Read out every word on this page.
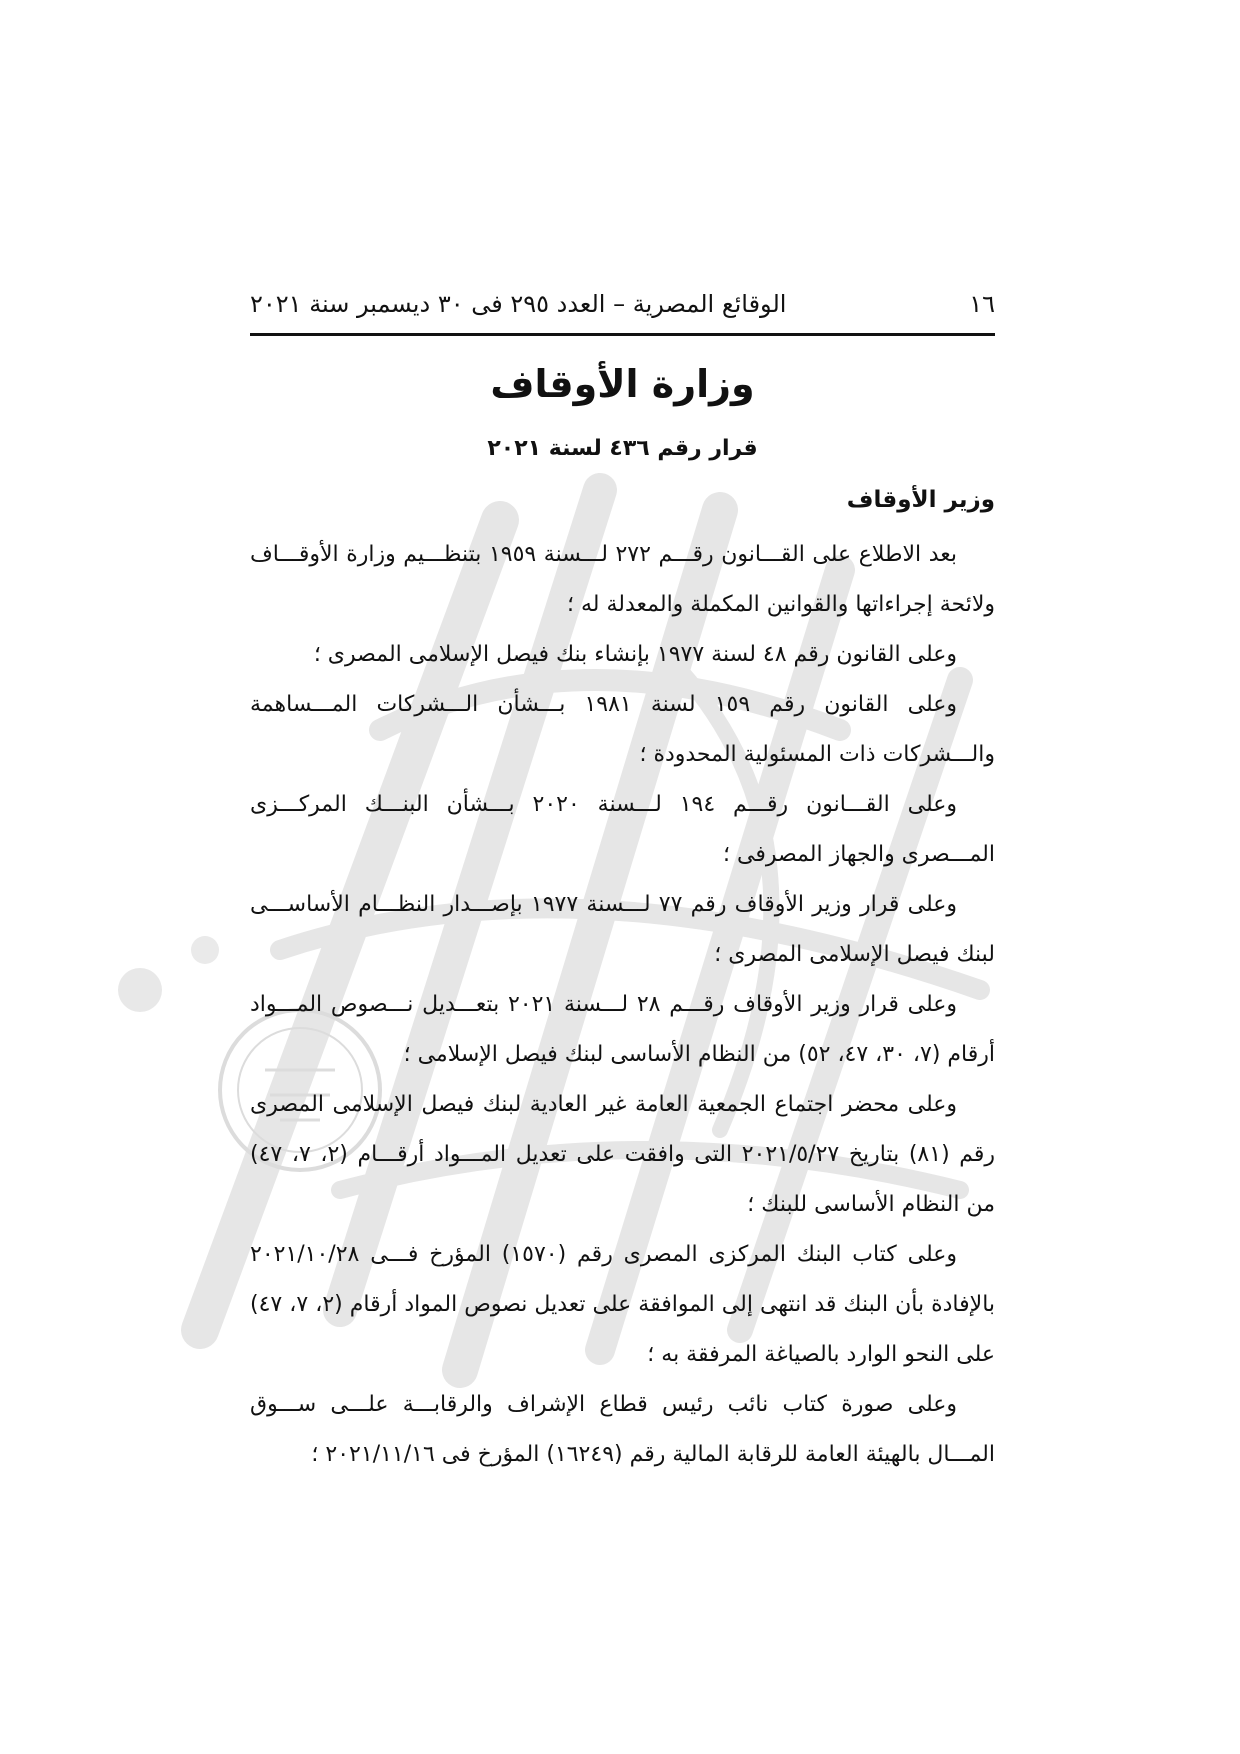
١٦
الوقائع المصرية – العدد ٢٩٥ فى ٣٠ ديسمبر سنة ٢٠٢١
وزارة الأوقاف
قرار رقم ٤٣٦ لسنة ٢٠٢١
وزير الأوقاف

بعد الاطلاع على القـــانون رقـــم ٢٧٢ لـــسنة ١٩٥٩ بتنظـــيم وزارة الأوقـــاف ولائحة إجراءاتها والقوانين المكملة والمعدلة له ؛

وعلى القانون رقم ٤٨ لسنة ١٩٧٧ بإنشاء بنك فيصل الإسلامى المصرى ؛

وعلى القانون رقم ١٥٩ لسنة ١٩٨١ بـــشأن الـــشركات المـــساهمة والـــشركات ذات المسئولية المحدودة ؛

وعلى القـــانون رقـــم ١٩٤ لـــسنة ٢٠٢٠ بـــشأن البنـــك المركـــزى المـــصرى والجهاز المصرفى ؛

وعلى قرار وزير الأوقاف رقم ٧٧ لـــسنة ١٩٧٧ بإصـــدار النظـــام الأساســـى لبنك فيصل الإسلامى المصرى ؛

وعلى قرار وزير الأوقاف رقـــم ٢٨ لـــسنة ٢٠٢١ بتعـــديل نـــصوص المـــواد أرقام (٧، ٣٠، ٤٧، ٥٢) من النظام الأساسى لبنك فيصل الإسلامى ؛

وعلى محضر اجتماع الجمعية العامة غير العادية لبنك فيصل الإسلامى المصرى رقم (٨١) بتاريخ ٢٠٢١/٥/٢٧ التى وافقت على تعديل المـــواد أرقـــام (٢، ٧، ٤٧) من النظام الأساسى للبنك ؛

وعلى كتاب البنك المركزى المصرى رقم (١٥٧٠) المؤرخ فـــى ٢٠٢١/١٠/٢٨ بالإفادة بأن البنك قد انتهى إلى الموافقة على تعديل نصوص المواد أرقام (٢، ٧، ٤٧) على النحو الوارد بالصياغة المرفقة به ؛

وعلى صورة كتاب نائب رئيس قطاع الإشراف والرقابـــة علـــى ســـوق المـــال بالهيئة العامة للرقابة المالية رقم (١٦٢٤٩) المؤرخ فى ٢٠٢١/١١/١٦ ؛
